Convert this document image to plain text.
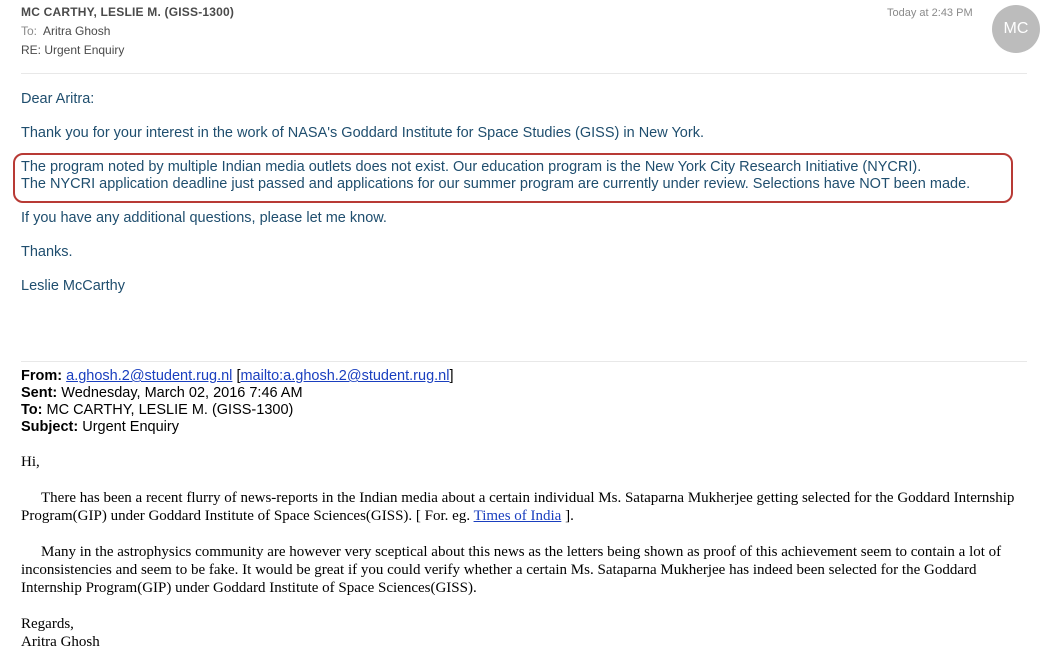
MC CARTHY, LESLIE M. (GISS-1300)
To: Aritra Ghosh
RE: Urgent Enquiry
Today at 2:43 PM
MC

Dear Aritra:

Thank you for your interest in the work of NASA's Goddard Institute for Space Studies (GISS) in New York.

The program noted by multiple Indian media outlets does not exist. Our education program is the New York City Research Initiative (NYCRI).

The NYCRI application deadline just passed and applications for our summer program are currently under review. Selections have NOT been made.

If you have any additional questions, please let me know.

Thanks.

Leslie McCarthy

From: a.ghosh.2@student.rug.nl [mailto:a.ghosh.2@student.rug.nl]
Sent: Wednesday, March 02, 2016 7:46 AM
To: MC CARTHY, LESLIE M. (GISS-1300)
Subject: Urgent Enquiry
Hi,

There has been a recent flurry of news-reports in the Indian media about a certain individual Ms. Sataparna Mukherjee getting selected for the Goddard Internship Program(GIP) under Goddard Institute of Space Sciences(GISS). [ For. eg. Times of India ].

Many in the astrophysics community are however very sceptical about this news as the letters being shown as proof of this achievement seem to contain a lot of inconsistencies and seem to be fake. It would be great if you could verify whether a certain Ms. Sataparna Mukherjee has indeed been selected for the Goddard Internship Program(GIP) under Goddard Institute of Space Sciences(GISS).

Regards,
Aritra Ghosh
